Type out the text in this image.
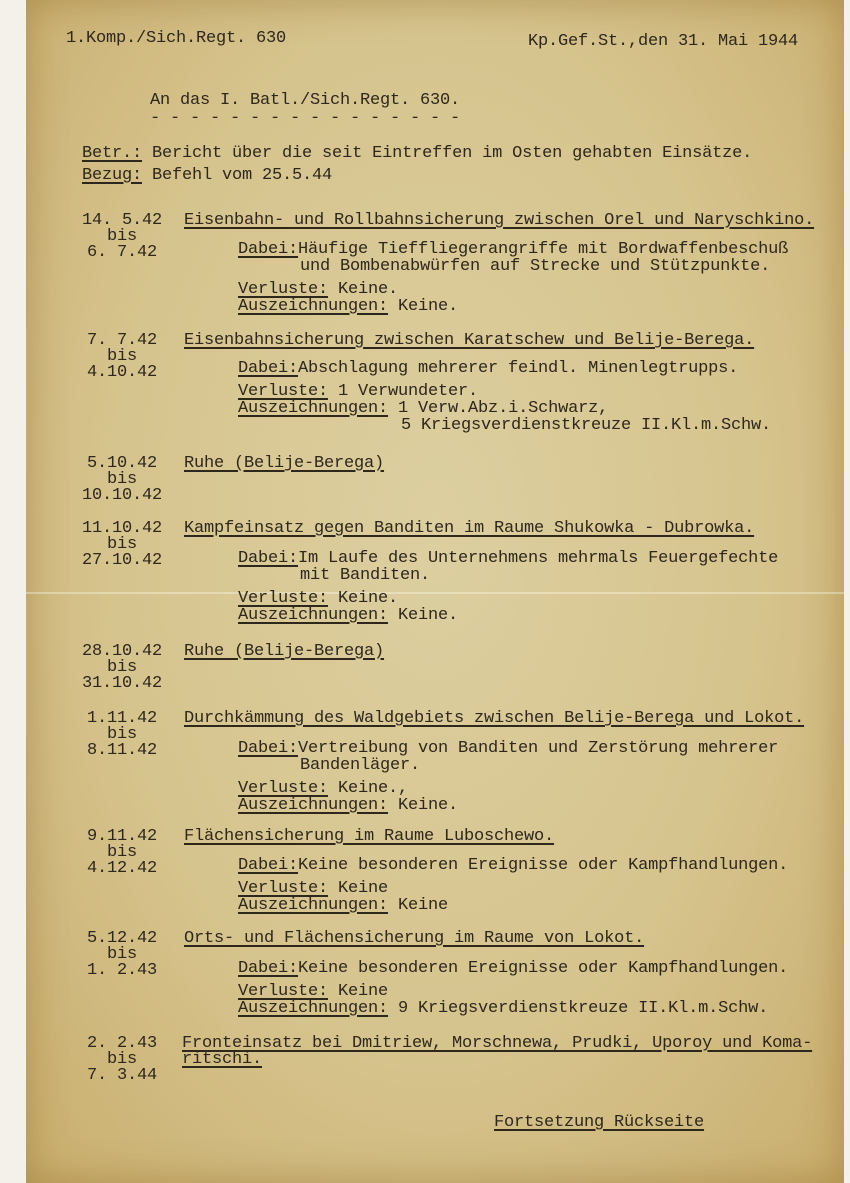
1.Komp./Sich.Regt. 630	Kp.Gef.St.,den 31. Mai 1944
An das I. Batl./Sich.Regt. 630.
- - - - - - - - - - - - - - - -
Betr.: Bericht über die seit Eintreffen im Osten gehabten Einsätze.
Bezug: Befehl vom 25.5.44
14. 5.42
bis
6. 7.42
Eisenbahn- und Rollbahnsicherung zwischen Orel und Naryschkino.
Dabei:Häufige Tieffliegerangriffe mit Bordwaffenbeschuß
und Bombenabwürfen auf Strecke und Stützpunkte.
Verluste: Keine.
Auszeichnungen: Keine.
7. 7.42
bis
4.10.42
Eisenbahnsicherung zwischen Karatschew und Belije-Berega.
Dabei:Abschlagung mehrerer feindl. Minenlegtrupps.
Verluste: 1 Verwundeter.
Auszeichnungen: 1 Verw.Abz.i.Schwarz,
5 Kriegsverdienstkreuze II.Kl.m.Schw.
5.10.42
bis
10.10.42
Ruhe (Belije-Berega)
11.10.42
bis
27.10.42
Kampfeinsatz gegen Banditen im Raume Shukowka - Dubrowka.
Dabei:Im Laufe des Unternehmens mehrmals Feuergefechte
mit Banditen.
Verluste: Keine.
Auszeichnungen: Keine.
28.10.42
bis
31.10.42
Ruhe (Belije-Berega)
1.11.42
bis
8.11.42
Durchkämmung des Waldgebiets zwischen Belije-Berega und Lokot.
Dabei:Vertreibung von Banditen und Zerstörung mehrerer
Bandenläger.
Verluste: Keine.,
Auszeichnungen: Keine.
9.11.42
bis
4.12.42
Flächensicherung im Raume Luboschewo.
Dabei:Keine besonderen Ereignisse oder Kampfhandlungen.
Verluste: Keine
Auszeichnungen: Keine
5.12.42
bis
1. 2.43
Orts- und Flächensicherung im Raume von Lokot.
Dabei:Keine besonderen Ereignisse oder Kampfhandlungen.
Verluste: Keine
Auszeichnungen: 9 Kriegsverdienstkreuze II.Kl.m.Schw.
2. 2.43
bis
7. 3.44
Fronteinsatz bei Dmitriew, Morschnewa, Prudki, Uporoy und Koma-
ritschi.
Fortsetzung Rückseite
